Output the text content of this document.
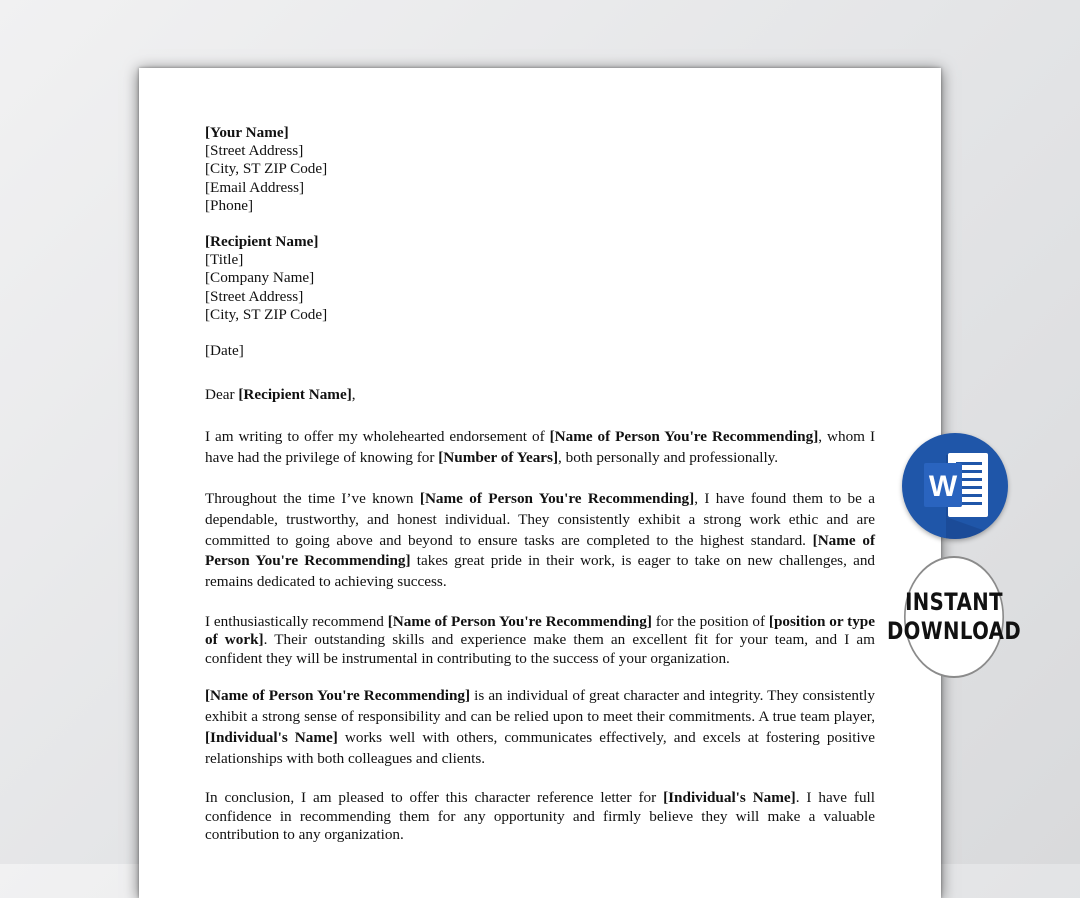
[Your Name]
[Street Address]
[City, ST ZIP Code]
[Email Address]
[Phone]
[Recipient Name]
[Title]
[Company Name]
[Street Address]
[City, ST ZIP Code]
[Date]
Dear [Recipient Name],

I am writing to offer my wholehearted endorsement of [Name of Person You're Recommending], whom I have had the privilege of knowing for [Number of Years], both personally and professionally.

Throughout the time I’ve known [Name of Person You're Recommending], I have found them to be a dependable, trustworthy, and honest individual. They consistently exhibit a strong work ethic and are committed to going above and beyond to ensure tasks are completed to the highest standard. [Name of Person You're Recommending] takes great pride in their work, is eager to take on new challenges, and remains dedicated to achieving success.

I enthusiastically recommend [Name of Person You're Recommending] for the position of [position or type of work]. Their outstanding skills and experience make them an excellent fit for your team, and I am confident they will be instrumental in contributing to the success of your organization.

[Name of Person You're Recommending] is an individual of great character and integrity. They consistently exhibit a strong sense of responsibility and can be relied upon to meet their commitments. A true team player, [Individual's Name] works well with others, communicates effectively, and excels at fostering positive relationships with both colleagues and clients.

In conclusion, I am pleased to offer this character reference letter for [Individual's Name]. I have full confidence in recommending them for any opportunity and firmly believe they will make a valuable contribution to any organization.

W
INSTANT
DOWNLOAD
